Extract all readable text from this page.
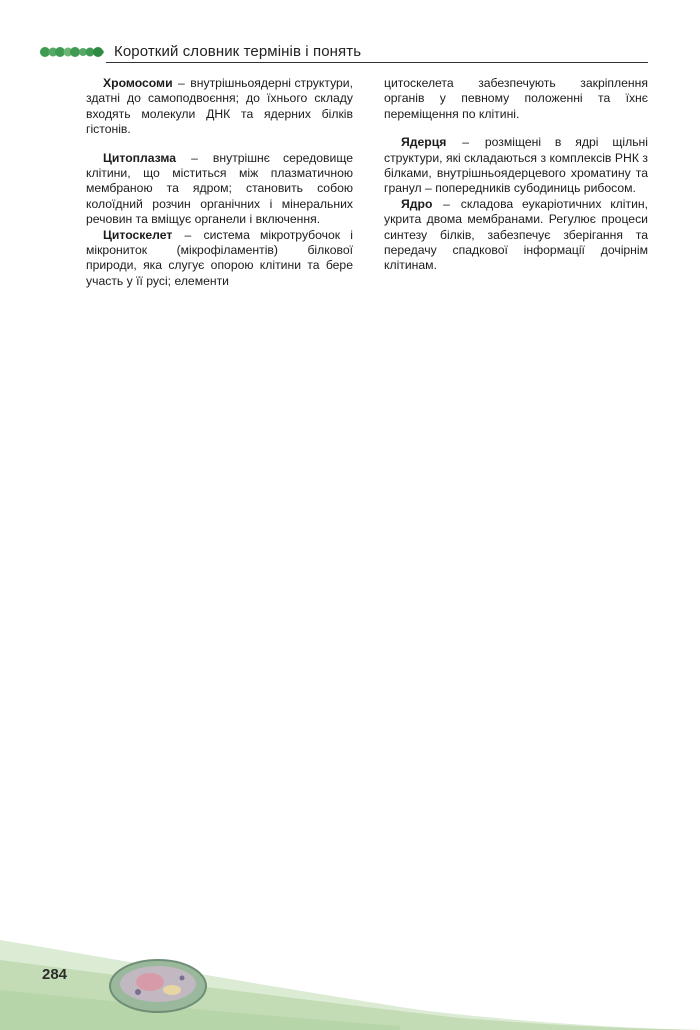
Короткий словник термінів і понять

Хромосоми – внутрішньоядерні структури, здатні до самоподвоєння; до їхнього складу входять молекули ДНК та ядерних білків гістонів.

Цитоплазма – внутрішнє середовище клітини, що міститься між плазматичною мембраною та ядром; становить собою колоїдний розчин органічних і мінеральних речовин та вміщує органели і включення.

Цитоскелет – система мікротрубочок і мікрониток (мікрофіламентів) білкової природи, яка слугує опорою клітини та бере участь у її русі; елементи

цитоскелета забезпечують закріплення органів у певному положенні та їхнє переміщення по клітині.

Ядерця – розміщені в ядрі щільні структури, які складаються з комплексів РНК з білками, внутрішньоядерцевого хроматину та гранул – попередників субодиниць рибосом.

Ядро – складова еукаріотичних клітин, укрита двома мембранами. Регулює процеси синтезу білків, забезпечує зберігання та передачу спадкової інформації дочірнім клітинам.

284
